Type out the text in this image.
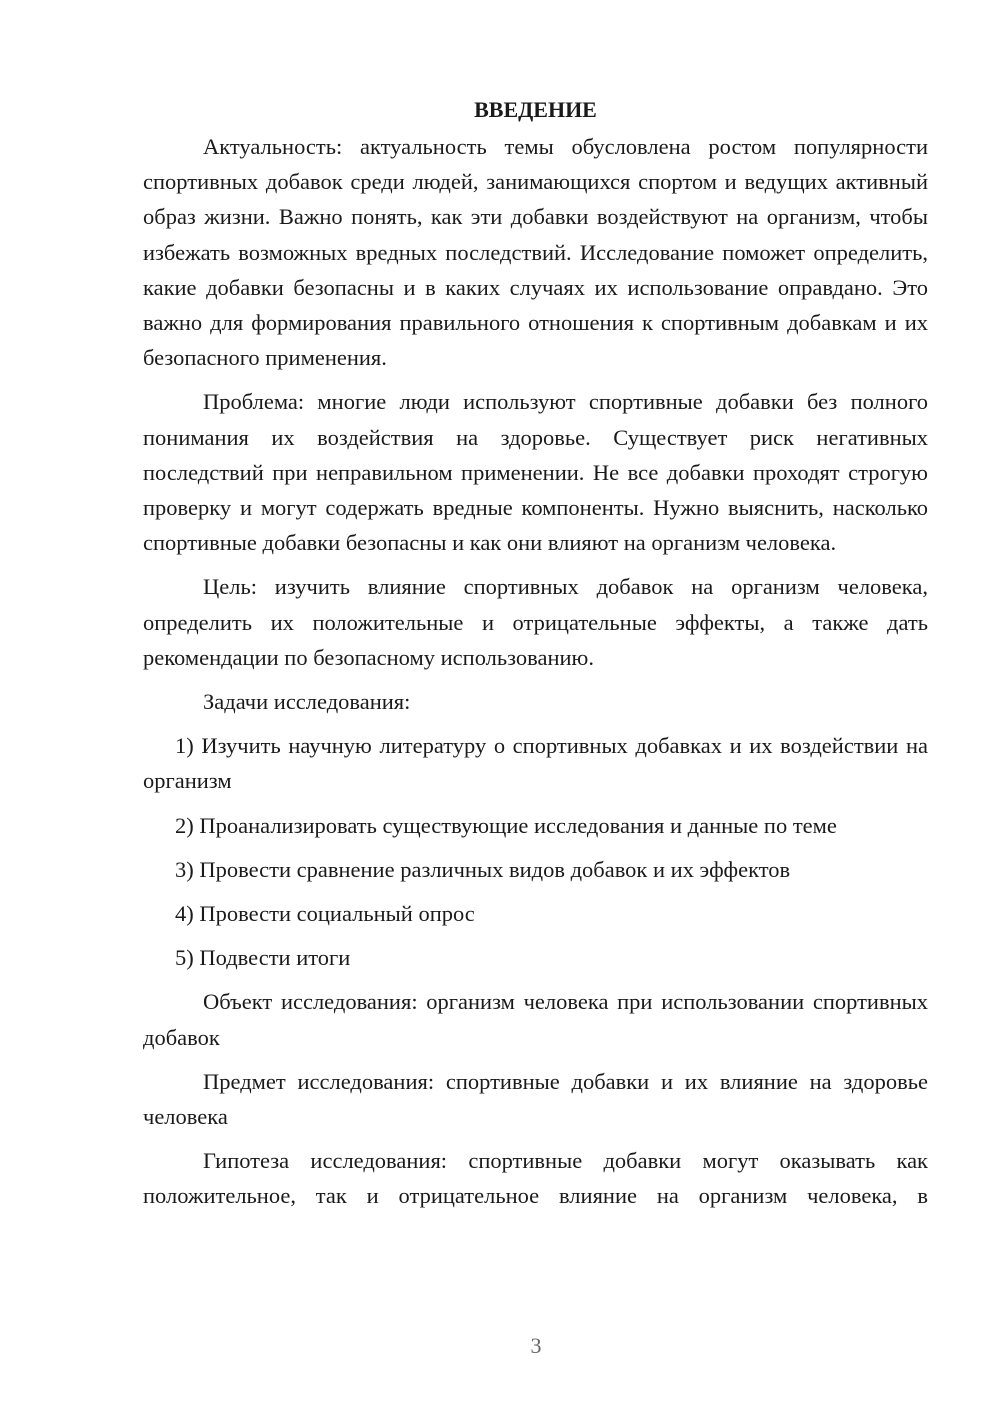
ВВЕДЕНИЕ

Актуальность: актуальность темы обусловлена ростом популярности спортивных добавок среди людей, занимающихся спортом и ведущих активный образ жизни. Важно понять, как эти добавки воздействуют на организм, чтобы избежать возможных вредных последствий. Исследование поможет определить, какие добавки безопасны и в каких случаях их использование оправдано. Это важно для формирования правильного отношения к спортивным добавкам и их безопасного применения.

Проблема: многие люди используют спортивные добавки без полного понимания их воздействия на здоровье. Существует риск негативных последствий при неправильном применении. Не все добавки проходят строгую проверку и могут содержать вредные компоненты. Нужно выяснить, насколько спортивные добавки безопасны и как они влияют на организм человека.

Цель: изучить влияние спортивных добавок на организм человека, определить их положительные и отрицательные эффекты, а также дать рекомендации по безопасному использованию.

Задачи исследования:

1) Изучить научную литературу о спортивных добавках и их воздействии на организм

2) Проанализировать существующие исследования и данные по теме

3) Провести сравнение различных видов добавок и их эффектов

4) Провести социальный опрос

5) Подвести итоги

Объект исследования: организм человека при использовании спортивных добавок

Предмет исследования: спортивные добавки и их влияние на здоровье человека

Гипотеза исследования: спортивные добавки могут оказывать как положительное, так и отрицательное влияние на организм человека, в

3
